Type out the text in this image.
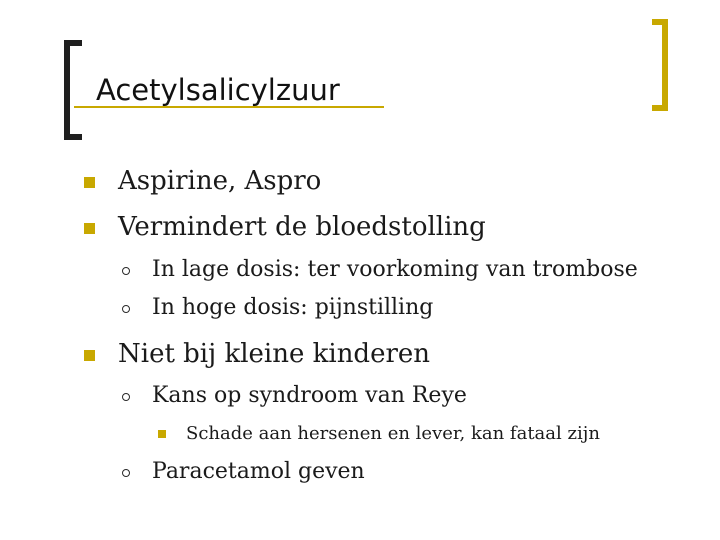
Acetylsalicylzuur
Aspirine, Aspro
Vermindert de bloedstolling
In lage dosis: ter voorkoming van trombose
In hoge dosis: pijnstilling
Niet bij kleine kinderen
Kans op syndroom van Reye
Schade aan hersenen en lever, kan fataal zijn
Paracetamol geven
